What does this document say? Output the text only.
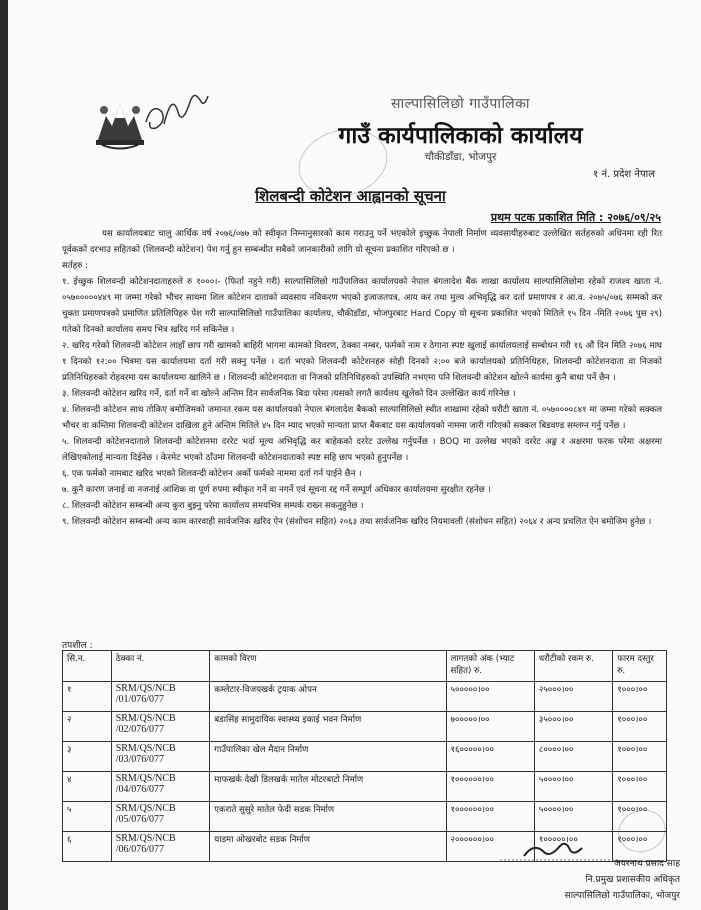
साल्पासिलिछो गाउँपालिका
गाउँ कार्यपालिकाको कार्यालय
चौकीडाँडा, भोजपुर
१ नं. प्रदेश नेपाल
शिलबन्दी कोटेशन आह्वानको सूचना
प्रथम पटक प्रकाशित मिति : २०७६/०९/२५

यस कार्यालयबाट चालु आर्थिक वर्ष २०७६/०७७ को स्वीकृत निम्नानुसारको काम गराउनु पर्ने भएकोले इच्छुक नेपाली निर्माण व्यवसायीहरुबाट उल्लेखित सर्तहरुको अधिनमा रही रित पूर्वकको दरभाउ सहितको (शिलवन्दी कोटेशन) पेश गर्नु हुन सम्बन्धीत सबैको जानकारीको लागि यो सूचना प्रकाशित गरिएको छ ।

सर्तहरु :

१. ईच्छुक शिलवन्दी कोटेशनदाताहरुले रु १०००।- (फिर्ता नहुने गरी) साल्पासिलिछो गाउँपालिका कार्यालयको नेपाल बंगलादेश बैंक शाखा कार्यालय साल्पासिलिछोमा रहेको राजश्व खाता नं. ०५७०००००४४९ मा जम्मा गरेको भौचर साथमा शिल कोटेशन दाताको व्यवसाय नविकरण भएको इजाजतपत्र, आय कर तथा मुल्य अभिवृद्धि कर दर्ता प्रमाणपत्र र आ.व. २०७५/०७६ सम्मको कर चुक्ता प्रमाणपत्रको प्रमाणित प्रतिलिपिहरु पेश गरी साल्पासिलिछो गाउँपालिका कार्यालय, चौकीडाँडा, भोजपुरबाट Hard Copy यो सूचना प्रकाशित भएको मितिले १५ दिन -मिति २०७६ पुस २९) गतेको दिनको कार्यालय समय भित्र खरिद गर्न सकिनेछ ।

२. खरिद गरेको शिलवन्दी कोटेशन लाहाँ छाप गरी खामको बाहिरी भागमा कामको विवरण, ठेक्का नम्बर, फर्मको नाम र ठेगाना स्पष्ट खुलाई कार्यालयलाई सम्बोधन गरी १६ औं दिन मिति २०७६ माघ १ दिनको १२:०० भित्रमा यस कार्यालयमा दर्ता गरी सक्नु पर्नेछ । दर्ता भएको शिलवन्दी कोटेशनहरु सोही दिनको २:०० बजे कार्यालयको प्रतिनिधिहरु, शिलवन्दी कोटेशनदाता वा निजको प्रतिनिधिहरुको रोहवरमा यस कार्यालयमा खालिने छ । शिलवन्दी कोटेशनदाता वा निजको प्रतिनिधिहरुको उपस्थिति नभएमा पनि शिलवन्दी कोटेशन खोल्ने कार्यमा कुनै बाधा पर्ने छैन ।

३. शिलवन्दी कोटेशन खरिद गर्ने, दर्ता गर्ने वा खोल्ने अन्तिम दिन सार्वजनिक बिदा परेमा त्यसको लगतै कार्यलय खुलेको दिन उल्लेखित कार्य गरिनेछ ।

४. शिलवन्दी कोटेशन साथ तोकिए बमोजिमको जमानत रकम यस कार्यालयको नेपाल बंगलादेश बैकको साल्पासिलिछो स्थीत शाखामा रहेको धरौटी खाता नं. ०५७००००८४१ मा जम्मा गरेको सक्कल भौचर वा कम्तिमा शिलवन्दी कोटेशन दाखिला हुने अन्तिम मितिले ४५ दिन म्याद भएको मान्यता प्राप्त बैंकबाट यस कार्यालयको नाममा जारी गरिएको सक्कल बिडवण्ड सम्लग्न गर्नु पर्नेछ ।

५. शिलवन्दी कोटेशनदाताले शिलवन्दी कोटेशनमा दररेट भर्दा मूल्य अभिवृद्धि कर बाहेकको दररेट उल्लेख गर्नुपर्नेछ । BOQ मा उल्लेख भएको दररेट अङ्क र अक्षरमा फरक परेमा अक्षरमा लेखिएकोलाई मान्यता दिईनेछ । केरमेट भएको ठाँउमा शिलवन्दी कोटेशनदाताको स्पष्ट सहि छाप भएको हुनुपर्नेछ ।

६. एक फर्मको नामबाट खरिद भएको शिलवन्दी कोटेशन अर्को फर्मको नाममा दर्ता गर्न पाईने छैन ।

७. कुनै कारण जनाई वा नजनाई आंशिक वा पूर्ण रुपमा स्वीकृत गर्ने वा नगर्ने एवं सूचना रद्द गर्ने सम्पूर्ण अधिकार कार्यालयमा सुरक्षीत रहनेछ ।

८. शिलवन्दी कोटेशन सम्बन्धी अन्य कुरा बुझ्नु परेमा कार्यालय समयभित्र सम्पर्क राख्न सकनुहुनेछ ।

९. शिलवन्दी कोटेशन सम्बन्धी अन्य काम कारवाही सार्वजनिक खरिद ऐन (संशोधन सहित) २०६३ तथा सार्वजनिक खरिद नियमावली (संशोधन सहित) २०६४ र अन्य प्रचलित ऐन बमोजिम हुनेछ ।

तपशील :
सि.न.	ठेक्का नं.	कामको विरण	लागतको अंक (भ्याट सहित) रु.	धरौटीको रकम रु.	फारम दस्तुर रु.
१	SRM/QS/NCB /01/076/077	कम्लेटार-विजयखर्क ट्रयाक ओपन	५०००००।००	२५०००।००	१०००।००
२	SRM/QS/NCB /02/076/077	बडासिंह सामुदायिक स्वास्थ्य इकाई भवन निर्माण	७०००००।००	३५०००।००	१०००।००
३	SRM/QS/NCB /03/076/077	गाउँपालिका खेल मैदान निर्माण	१६०००००।००	८००००।००	१०००।००
४	SRM/QS/NCB /04/076/077	माफखर्क देखी डिलखर्क मातेल मोटरबाटो निर्माण	१००००००।००	५००००।००	१०००।००
५	SRM/QS/NCB /05/076/077	एकराते सुसुरे मातेल फेदी सडक निर्माण	१००००००।००	५००००।००	१०००।००
६	SRM/QS/NCB /06/076/077	याडमा ओखरबोट सडक निर्माण	२००००००।००	१०००००।००	१०००।००
जयरनाथ प्रसाद साह
नि.प्रमुख प्रशासकीय अधिकृत
साल्पासिलिछो गाउँपालिका, भोजपुर
